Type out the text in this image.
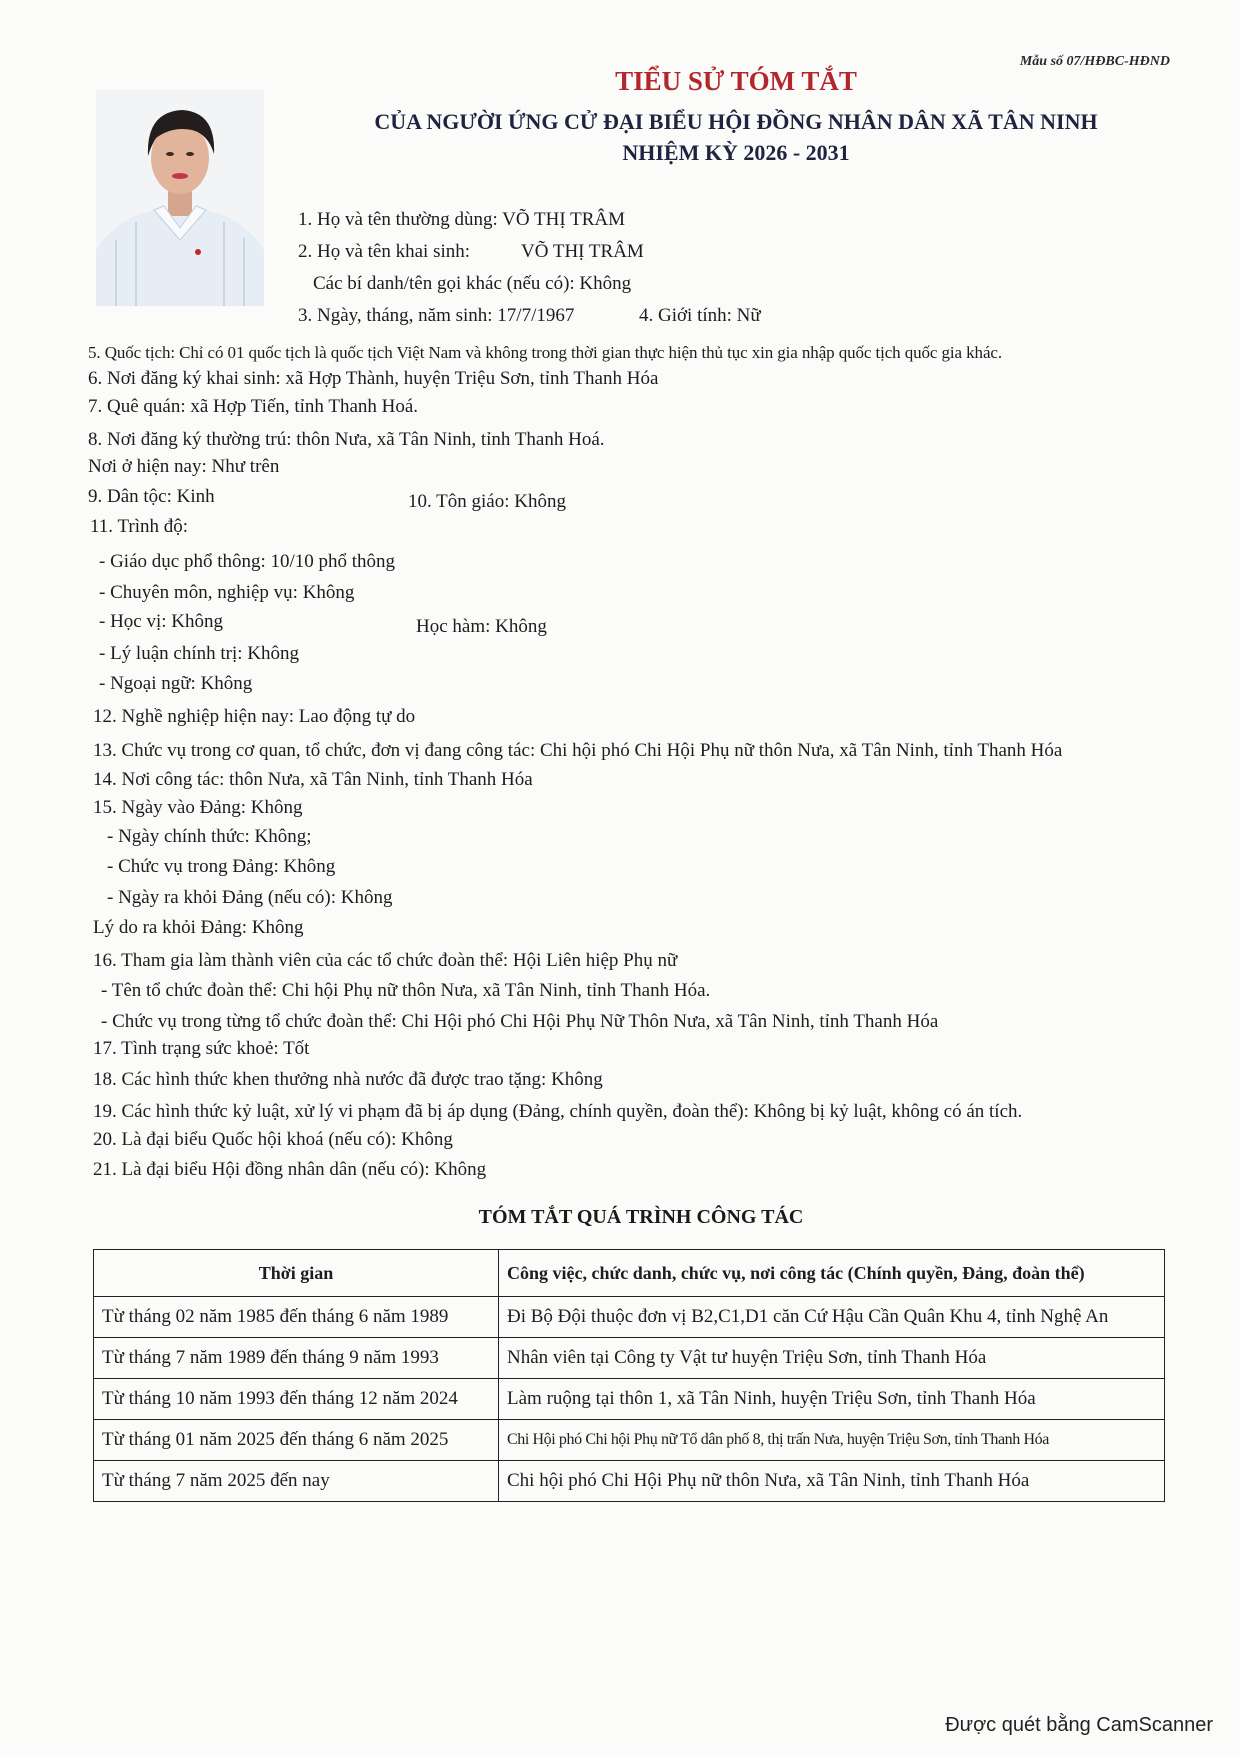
Mẫu số 07/HĐBC-HĐND
TIỂU SỬ TÓM TẮT
CỦA NGƯỜI ỨNG CỬ ĐẠI BIỂU HỘI ĐỒNG NHÂN DÂN XÃ TÂN NINH
NHIỆM KỲ 2026 - 2031
1. Họ và tên thường dùng: VÕ THỊ TRÂM
2. Họ và tên khai sinh:	VÕ THỊ TRÂM
Các bí danh/tên gọi khác (nếu có): Không
3. Ngày, tháng, năm sinh: 17/7/1967	4. Giới tính: Nữ
5. Quốc tịch: Chỉ có 01 quốc tịch là quốc tịch Việt Nam và không trong thời gian thực hiện thủ tục xin gia nhập quốc tịch quốc gia khác.
6. Nơi đăng ký khai sinh: xã Hợp Thành, huyện Triệu Sơn, tỉnh Thanh Hóa
7. Quê quán: xã Hợp Tiến, tỉnh Thanh Hoá.
8. Nơi đăng ký thường trú: thôn Nưa, xã Tân Ninh, tỉnh Thanh Hoá.
Nơi ở hiện nay: Như trên
9. Dân tộc: Kinh	10. Tôn giáo: Không
11. Trình độ:
- Giáo dục phổ thông: 10/10 phổ thông
- Chuyên môn, nghiệp vụ: Không
- Học vị: Không	Học hàm: Không
- Lý luận chính trị: Không
- Ngoại ngữ: Không
12. Nghề nghiệp hiện nay: Lao động tự do
13. Chức vụ trong cơ quan, tổ chức, đơn vị đang công tác: Chi hội phó Chi Hội Phụ nữ thôn Nưa, xã Tân Ninh, tỉnh Thanh Hóa
14. Nơi công tác: thôn Nưa, xã Tân Ninh, tỉnh Thanh Hóa
15. Ngày vào Đảng: Không
- Ngày chính thức: Không;
- Chức vụ trong Đảng: Không
- Ngày ra khỏi Đảng (nếu có): Không
Lý do ra khỏi Đảng: Không
16. Tham gia làm thành viên của các tổ chức đoàn thể: Hội Liên hiệp Phụ nữ
- Tên tổ chức đoàn thể: Chi hội Phụ nữ thôn Nưa, xã Tân Ninh, tỉnh Thanh Hóa.
- Chức vụ trong từng tổ chức đoàn thể: Chi Hội phó Chi Hội Phụ Nữ Thôn Nưa, xã Tân Ninh, tỉnh Thanh Hóa
17. Tình trạng sức khoẻ: Tốt
18. Các hình thức khen thưởng nhà nước đã được trao tặng: Không
19. Các hình thức kỷ luật, xử lý vi phạm đã bị áp dụng (Đảng, chính quyền, đoàn thể): Không bị kỷ luật, không có án tích.
20. Là đại biểu Quốc hội khoá (nếu có): Không
21. Là đại biểu Hội đồng nhân dân (nếu có): Không
TÓM TẮT QUÁ TRÌNH CÔNG TÁC
Thời gian	Công việc, chức danh, chức vụ, nơi công tác (Chính quyền, Đảng, đoàn thể)
Từ tháng 02 năm 1985 đến tháng 6 năm 1989	Đi Bộ Đội thuộc đơn vị B2,C1,D1 căn Cứ Hậu Cần Quân Khu 4, tỉnh Nghệ An
Từ tháng 7 năm 1989 đến tháng 9 năm 1993	Nhân viên tại Công ty Vật tư huyện Triệu Sơn, tỉnh Thanh Hóa
Từ tháng 10 năm 1993 đến tháng 12 năm 2024	Làm ruộng tại thôn 1, xã Tân Ninh, huyện Triệu Sơn, tỉnh Thanh Hóa
Từ tháng 01 năm 2025 đến tháng 6 năm 2025	Chi Hội phó Chi hội Phụ nữ Tổ dân phố 8, thị trấn Nưa, huyện Triệu Sơn, tỉnh Thanh Hóa
Từ tháng 7 năm 2025 đến nay	Chi hội phó Chi Hội Phụ nữ thôn Nưa, xã Tân Ninh, tỉnh Thanh Hóa
Được quét bằng CamScanner
